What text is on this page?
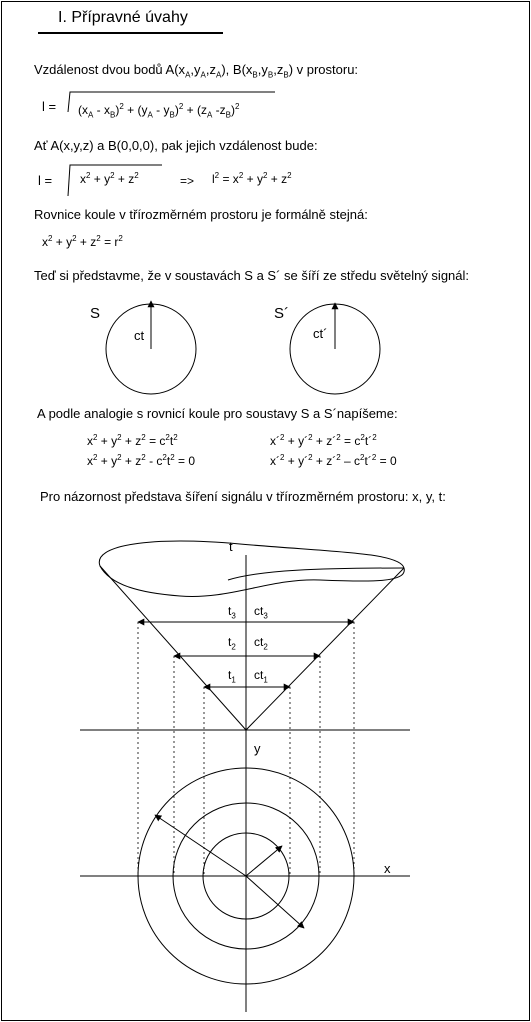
I. Přípravné úvahy
Vzdálenost dvou bodů $A(x_A,y_A,z_A)$, $B(x_B,y_B,z_B)$ v prostoru:
$l = (x_A - x_B)^2 + (y_A - y_B)^2 + (z_A$ $-z_B)^2$
Ať A(x,y,z) a B(0,0,0), pak jejich vzdálenost bude:
$l = x^2 + y^2 + z^2$	=> $l^2 = x^2 + y^2 + z^2$
Rovnice koule v třírozměrném prostoru je formálně stejná:
$x^2 + y^2 + z^2 = r^2$
Teď si představme, že v soustavách S a S´ se šíří ze středu světelný signál:
S	S´
ct	ct´
A podle analogie s rovnicí koule pro soustavy S a S´napíšeme:
$x^2 + y^2 + z^2 = c^2t^2$
$x^2 + y^2 + z^2 - c^2t^2 = 0$
x´$^2$ + y´$^2$ + z´$^2$ = $c^2t´^2$
x´$^2$ + y´$^2$ + z´$^2$ – $c^2t´^2 = 0$
Pro názornost představa šíření signálu v třírozměrném prostoru: x, y, t:
t
y
x
$t_3$ $ct_3$
$t_2$ $ct_2$
$t_1$ $ct_1$
